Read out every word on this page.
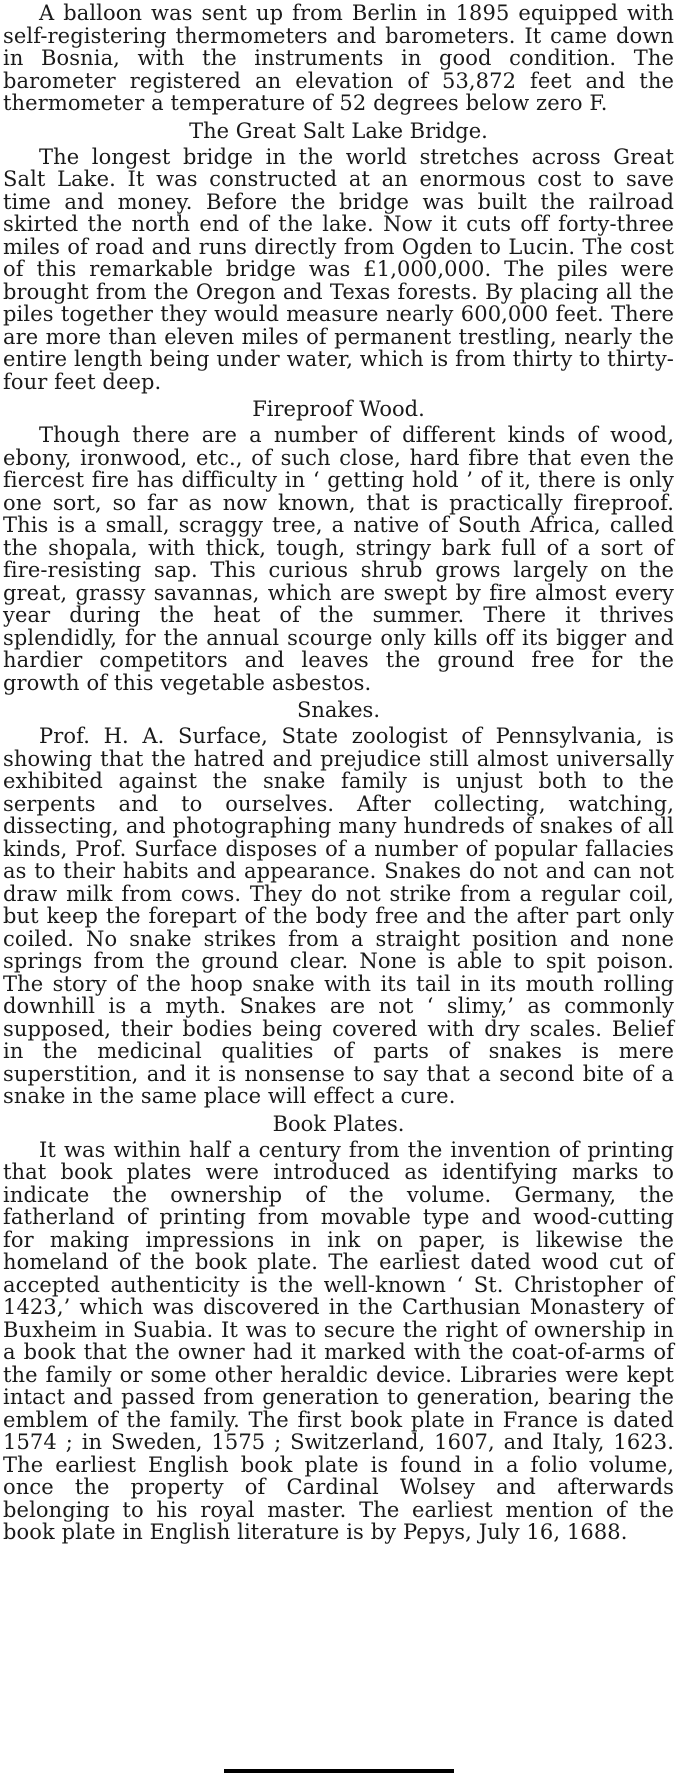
A balloon was sent up from Berlin in 1895 equipped with self-registering thermometers and barometers. It came down in Bosnia, with the instruments in good condition. The barometer registered an elevation of 53,872 feet and the thermometer a temperature of 52 degrees below zero F.

The Great Salt Lake Bridge.

The longest bridge in the world stretches across Great Salt Lake. It was constructed at an enormous cost to save time and money. Before the bridge was built the railroad skirted the north end of the lake. Now it cuts off forty-three miles of road and runs directly from Ogden to Lucin. The cost of this remarkable bridge was £1,000,000. The piles were brought from the Oregon and Texas forests. By placing all the piles together they would measure nearly 600,000 feet. There are more than eleven miles of permanent trestling, nearly the entire length being under water, which is from thirty to thirty-four feet deep.

Fireproof Wood.

Though there are a number of different kinds of wood, ebony, ironwood, etc., of such close, hard fibre that even the fiercest fire has difficulty in ‘ getting hold ’ of it, there is only one sort, so far as now known, that is practically fireproof. This is a small, scraggy tree, a native of South Africa, called the shopala, with thick, tough, stringy bark full of a sort of fire-resisting sap. This curious shrub grows largely on the great, grassy savannas, which are swept by fire almost every year during the heat of the summer. There it thrives splendidly, for the annual scourge only kills off its bigger and hardier competitors and leaves the ground free for the growth of this vegetable asbestos.

Snakes.

Prof. H. A. Surface, State zoologist of Pennsylvania, is showing that the hatred and prejudice still almost universally exhibited against the snake family is unjust both to the serpents and to ourselves. After collecting, watching, dissecting, and photographing many hundreds of snakes of all kinds, Prof. Surface disposes of a number of popular fallacies as to their habits and appearance. Snakes do not and can not draw milk from cows. They do not strike from a regular coil, but keep the forepart of the body free and the after part only coiled. No snake strikes from a straight position and none springs from the ground clear. None is able to spit poison. The story of the hoop snake with its tail in its mouth rolling downhill is a myth. Snakes are not ‘ slimy,’ as commonly supposed, their bodies being covered with dry scales. Belief in the medicinal qualities of parts of snakes is mere superstition, and it is nonsense to say that a second bite of a snake in the same place will effect a cure.

Book Plates.

It was within half a century from the invention of printing that book plates were introduced as identifying marks to indicate the ownership of the volume. Germany, the fatherland of printing from movable type and wood-cutting for making impressions in ink on paper, is likewise the homeland of the book plate. The earliest dated wood cut of accepted authenticity is the well-known ‘ St. Christopher of 1423,’ which was discovered in the Carthusian Monastery of Buxheim in Suabia. It was to secure the right of ownership in a book that the owner had it marked with the coat-of-arms of the family or some other heraldic device. Libraries were kept intact and passed from generation to generation, bearing the emblem of the family. The first book plate in France is dated 1574 ; in Sweden, 1575 ; Switzerland, 1607, and Italy, 1623. The earliest English book plate is found in a folio volume, once the property of Cardinal Wolsey and afterwards belonging to his royal master. The earliest mention of the book plate in English literature is by Pepys, July 16, 1688.
